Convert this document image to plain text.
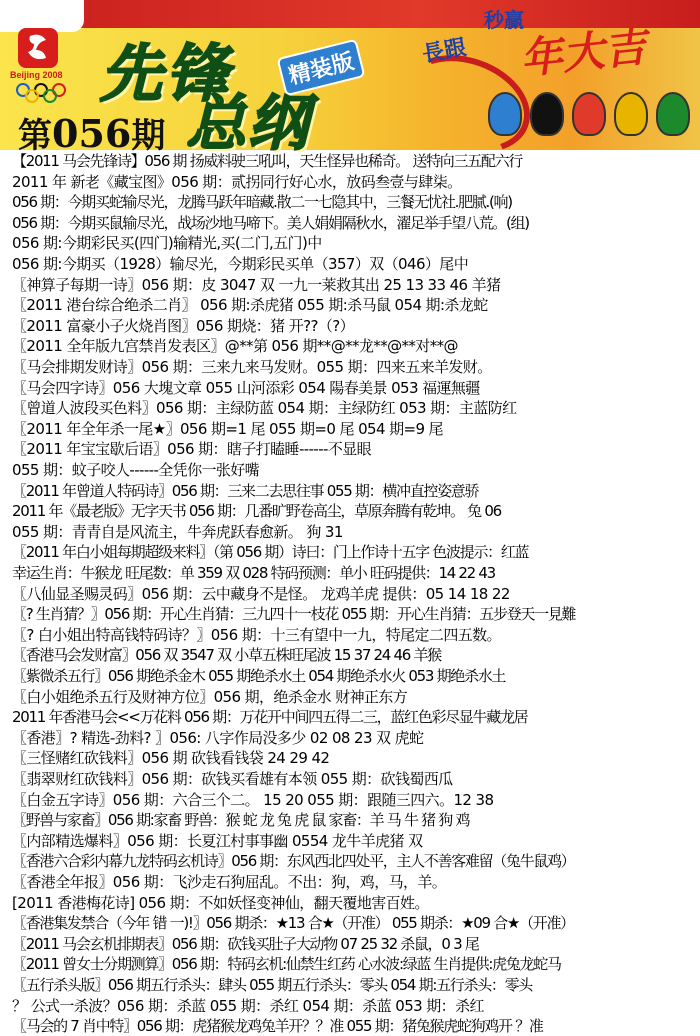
Beijing 2008 先锋	精装版
总纲
第056期
秒贏
長跟 年大吉
【2011 马会先锋诗】056 期 扬威料驶三吼叫，天生怪异也稀奇。 送特向三五配六行
2011 年 新老《藏宝图》056 期：贰拐同行好心水，放码叁壹与肆柒。
056 期：今期买蛇输尽光，龙腾马跃年暗藏.散二一七隐其中，三餐无忧社.肥腻.(响)
056 期：今期买鼠输尽光，战场沙地马啼下。美人娟娟隔秋水，濯足举手望八荒。(组)
056 期:今期彩民买(四门)输精光,买(二门,五门)中
056 期:今期买（1928）输尽光，今期彩民买单（357）双（046）尾中
〖神算子每期一诗〗056 期：皮 3047 双 一九一莱救其出 25 13 33 46 羊猪
〖2011 港台综合绝杀二肖〗 056 期:杀虎猪 055 期:杀马鼠 054 期:杀龙蛇
〖2011 富豪小子火烧肖图〗056 期烧：猪 开??（?）
〖2011 全年版九宫禁肖发表区〗@**第 056 期**@**龙**@**对**@
〖马会排期发财诗〗056 期：三来九来马发财。055 期：四来五来羊发财。
〖马会四字诗〗056 大塊文章 055 山河添彩 054 陽春美景 053 福運無疆
〖曾道人波段买色料〗056 期：主绿防蓝 054 期：主绿防红 053 期：主蓝防红
〖2011 年全年杀一尾★〗056 期=1 尾 055 期=0 尾 054 期=9 尾
〖2011 年宝宝歇后语〗056 期：瞎子打瞌睡------不显眼
055 期：蚊子咬人------全凭你一张好嘴
〖2011 年曾道人特码诗〗056 期：三来二去思往事 055 期：横冲直控姿意骄
2011 年《最老版》无字天书 056 期：几番旷野卷高尘，草原奔腾有乾坤。 兔 06
055 期：青青自是风流主，牛奔虎跃春愈新。 狗 31
〖2011 年白小姐每期超级来料〗（第 056 期）诗曰：门上作诗十五字 色波提示：红蓝
幸运生肖：牛猴龙 旺尾数：单 359 双 028 特码预测：单小 旺码提供：14 22 43
〖八仙显圣赐灵码〗056 期：云中藏身不是怪。 龙鸡羊虎 提供：05 14 18 22
〖? 生肖猜？〗056 期：开心生肖猜：三九四十一枝花 055 期：开心生肖猜：五步登天一見難
〖? 白小姐出特高钱特码诗？〗056 期：十三有望中一九，特尾定二四五数。
〖香港马会发财富〗056 双 3547 双 小草五株旺尾波 15 37 24 46 羊猴
〖紫微杀五行〗056 期绝杀金木 055 期绝杀水土 054 期绝杀水火 053 期绝杀水土
〖白小姐绝杀五行及财神方位〗056 期，绝杀金水 财神正东方
2011 年香港马会<<万花料 056 期：万花开中间四五得二三，蓝红色彩尽显牛藏龙居
〖香港〗? 精选-劲料? 〗056: 八字作局没多少 02 08 23 双 虎蛇
〖三怪赌红砍钱料〗056 期 砍钱看钱袋 24 29 42
〖翡翠财红砍钱料〗056 期：砍钱买看雄有本领 055 期：砍钱蜀西瓜
〖白金五字诗〗056 期：六合三个二。 15 20 055 期：跟随三四六。12 38
〖野兽与家畜〗056 期:家畜 野兽：猴 蛇 龙 兔 虎 鼠 家畜：羊 马 牛 猪 狗 鸡
〖内部精选爆料〗056 期：长夏江村事事幽 0554 龙牛羊虎猪 双
〖香港六合彩内幕九龙特码玄机诗〗056 期：东风西北四处平，主人不善客难留（兔牛鼠鸡）
〖香港全年报〗056 期：飞沙走石狗屈乱。不出：狗，鸡，马，羊。
[2011 香港梅花诗] 056 期：不如妖怪变神仙，翻天覆地害百姓。
〖香港集发禁合（今年 错 一)!〗056 期杀：★13 合★（开准） 055 期杀：★09 合★（开准）
〖2011 马会玄机排期表〗056 期：砍钱买肚子大动物 07 25 32 杀鼠，0 3 尾
〖2011 曾女士分期测算〗056 期：特码玄机:仙禁生红药 心水波:绿蓝 生肖提供:虎兔龙蛇马
〖五行杀头版〗056 期五行杀头：肆头 055 期五行杀头：零头 054 期:五行杀头：零头
？ 公式一杀波？056 期：杀蓝 055 期：杀红 054 期：杀蓝 053 期：杀红
〖马会的 7 肖中特〗056 期：虎猪猴龙鸡兔羊开？？准 055 期：猪兔猴虎蛇狗鸡开 ？准
